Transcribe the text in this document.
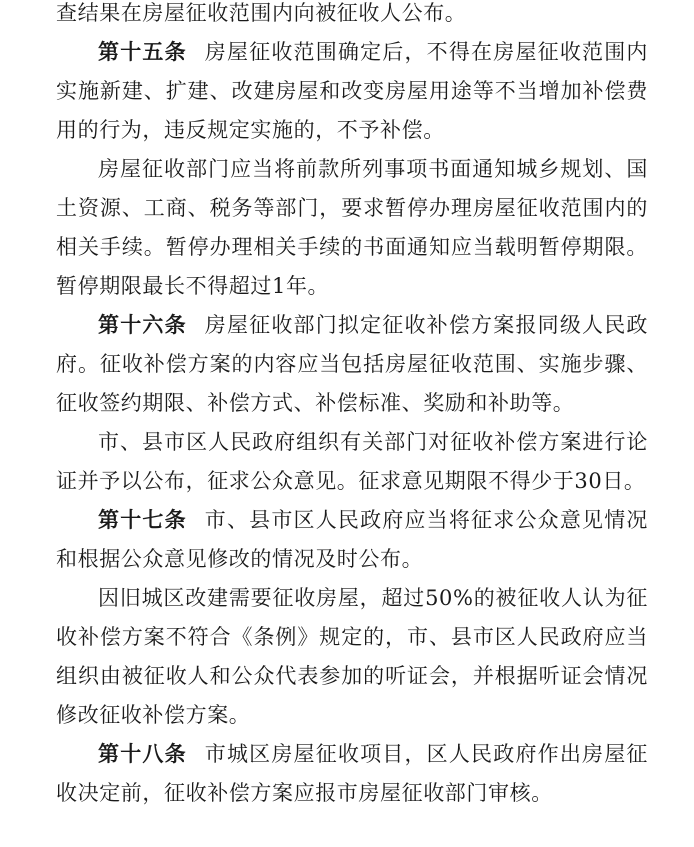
查结果在房屋征收范围内向被征收人公布。

第十五条 房屋征收范围确定后，不得在房屋征收范围内实施新建、扩建、改建房屋和改变房屋用途等不当增加补偿费用的行为，违反规定实施的，不予补偿。

房屋征收部门应当将前款所列事项书面通知城乡规划、国土资源、工商、税务等部门，要求暂停办理房屋征收范围内的相关手续。暂停办理相关手续的书面通知应当载明暂停期限。暂停期限最长不得超过1年。

第十六条 房屋征收部门拟定征收补偿方案报同级人民政府。征收补偿方案的内容应当包括房屋征收范围、实施步骤、征收签约期限、补偿方式、补偿标准、奖励和补助等。

市、县市区人民政府组织有关部门对征收补偿方案进行论证并予以公布，征求公众意见。征求意见期限不得少于30日。

第十七条 市、县市区人民政府应当将征求公众意见情况和根据公众意见修改的情况及时公布。

因旧城区改建需要征收房屋，超过50%的被征收人认为征收补偿方案不符合《条例》规定的，市、县市区人民政府应当组织由被征收人和公众代表参加的听证会，并根据听证会情况修改征收补偿方案。

第十八条 市城区房屋征收项目，区人民政府作出房屋征收决定前，征收补偿方案应报市房屋征收部门审核。
